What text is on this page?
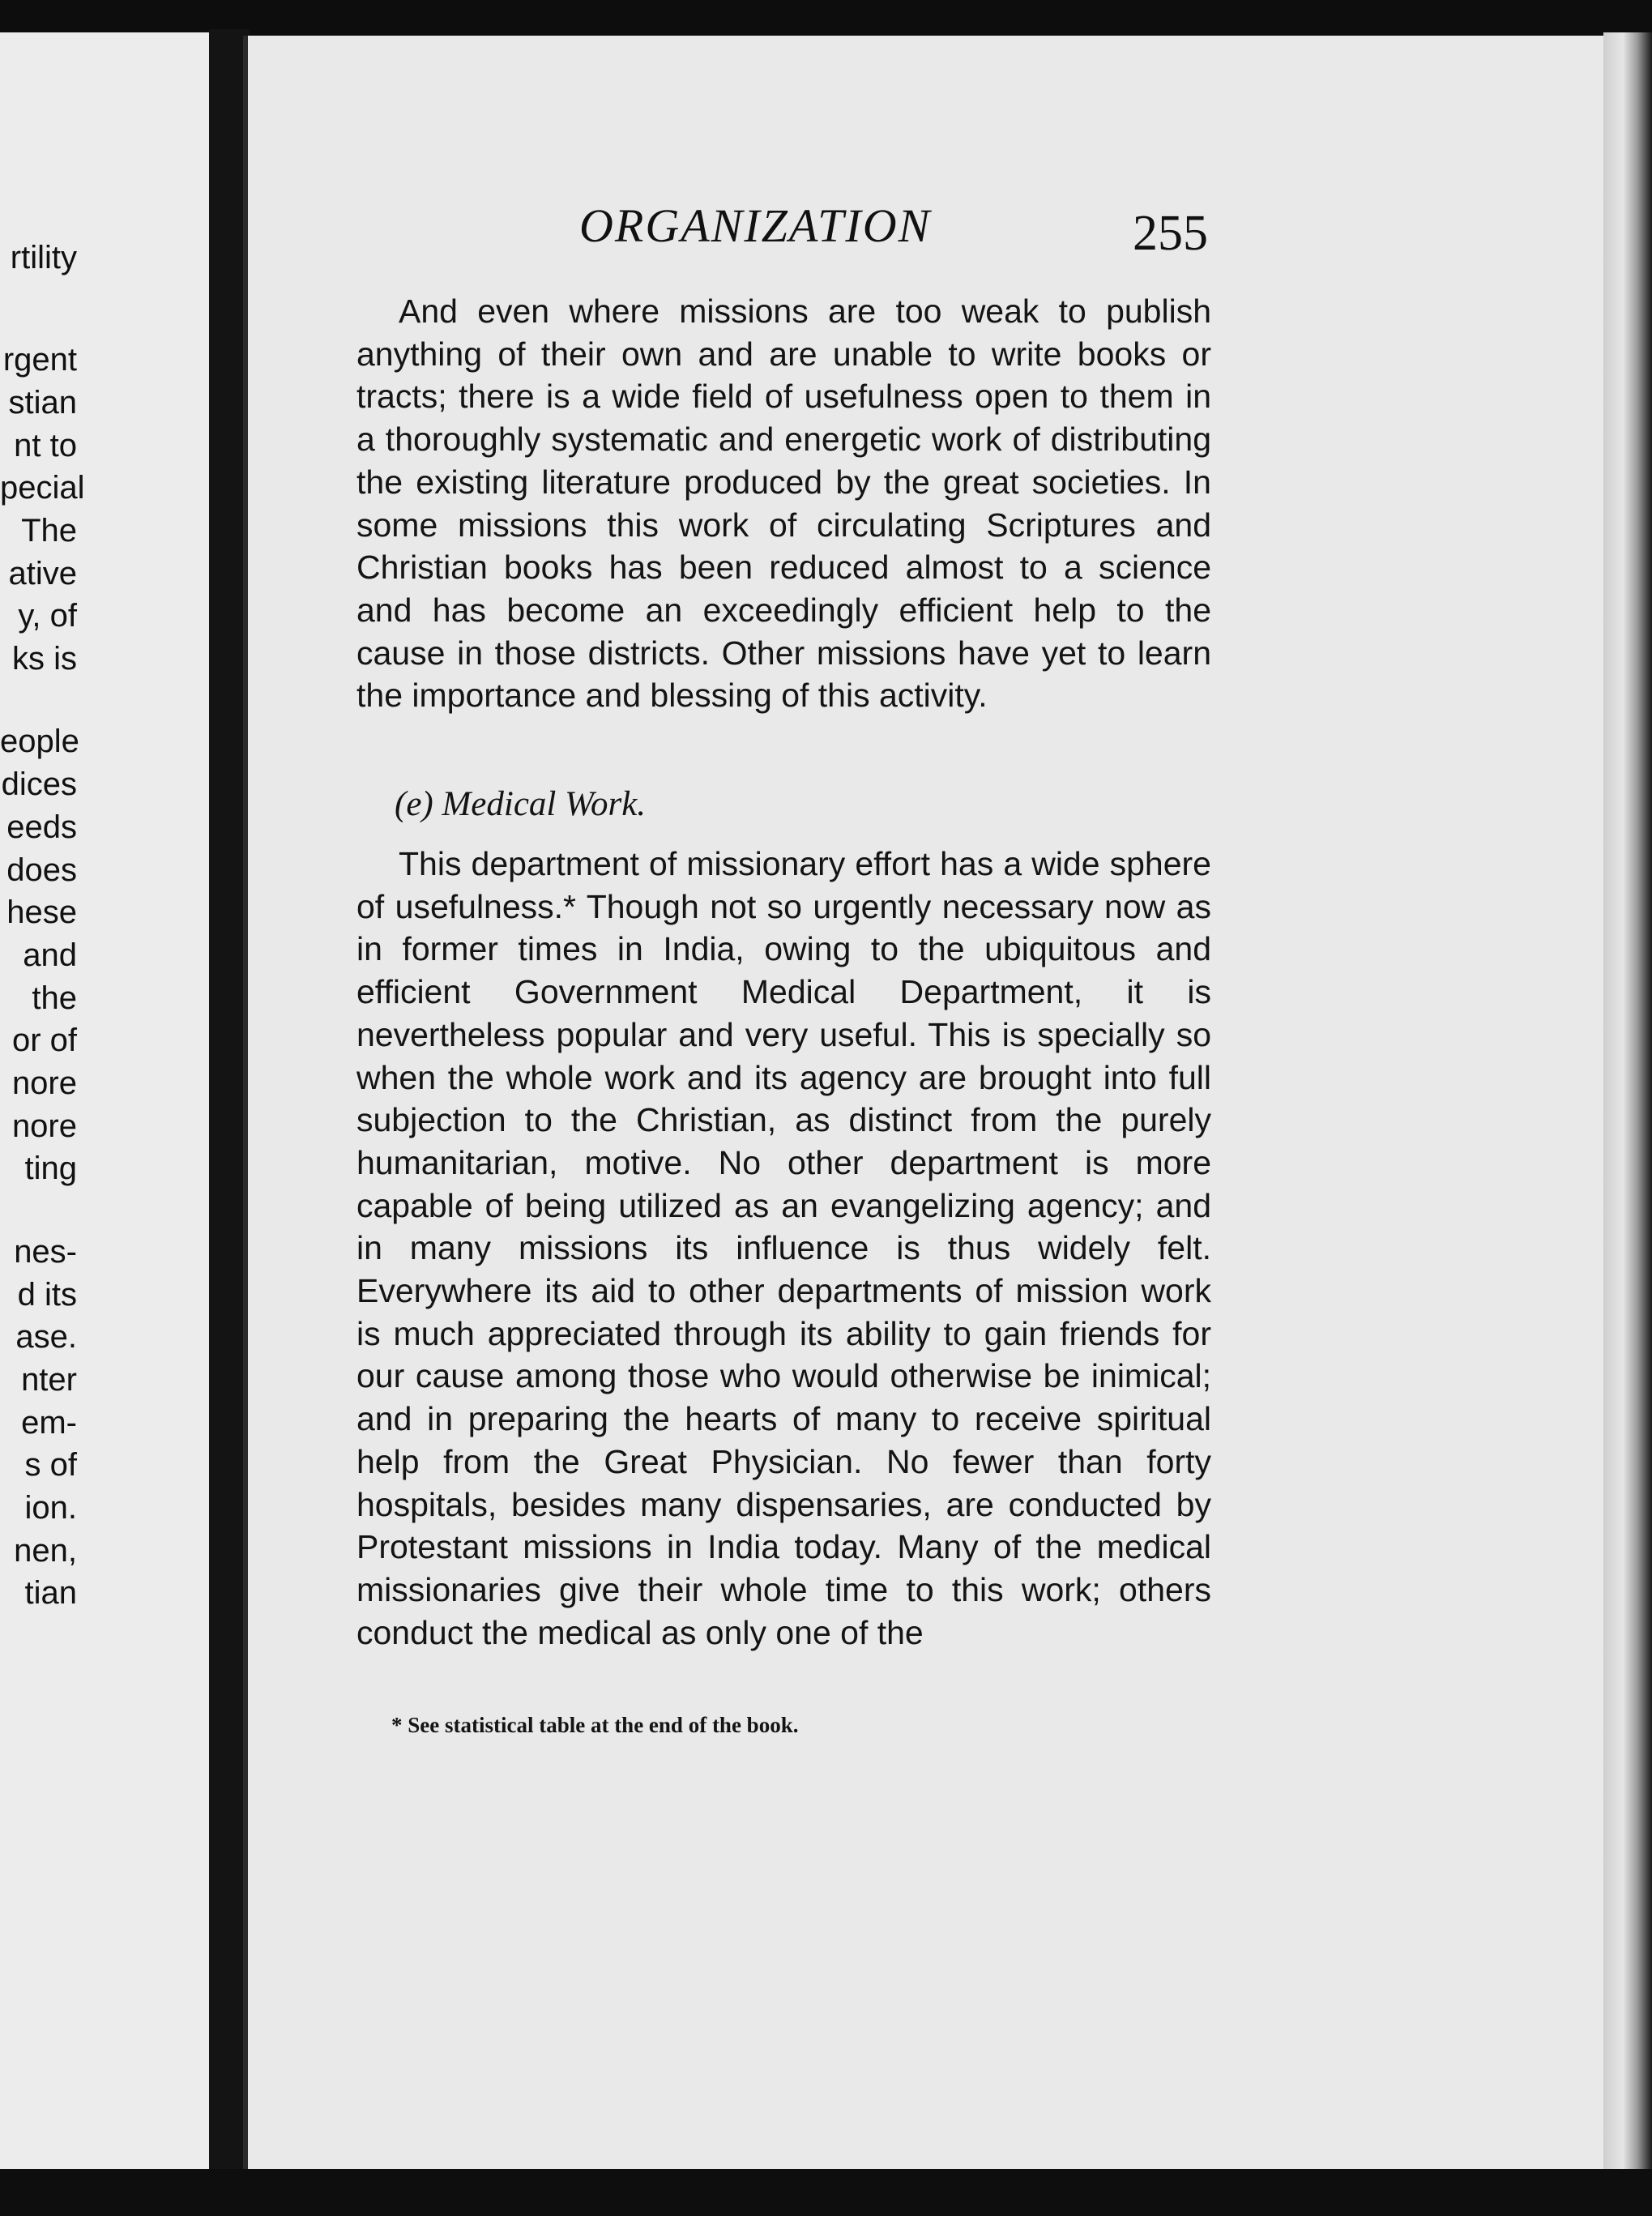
rtility
rgent
stian
nt to
pecial
The
ative
y, of
ks is
eople
dices
eeds
does
hese
and
the
or of
nore
nore
ting
nes-
d its
ase.
nter
em-
s of
ion.
nen,
tian
ORGANIZATION	255
And even where missions are too weak to publish anything of their own and are unable to write books or tracts; there is a wide field of usefulness open to them in a thoroughly systematic and energetic work of distributing the existing literature produced by the great societies. In some missions this work of circulating Scriptures and Christian books has been reduced almost to a science and has become an exceedingly efficient help to the cause in those districts. Other missions have yet to learn the importance and blessing of this activity.
(e) Medical Work.
This department of missionary effort has a wide sphere of usefulness.* Though not so urgently necessary now as in former times in India, owing to the ubiquitous and efficient Government Medical Department, it is nevertheless popular and very useful. This is specially so when the whole work and its agency are brought into full subjection to the Christian, as distinct from the purely humanitarian, motive. No other department is more capable of being utilized as an evangelizing agency; and in many missions its influence is thus widely felt. Everywhere its aid to other departments of mission work is much appreciated through its ability to gain friends for our cause among those who would otherwise be inimical; and in preparing the hearts of many to receive spiritual help from the Great Physician. No fewer than forty hospitals, besides many dispensaries, are conducted by Protestant missions in India today. Many of the medical missionaries give their whole time to this work; others conduct the medical as only one of the
* See statistical table at the end of the book.
